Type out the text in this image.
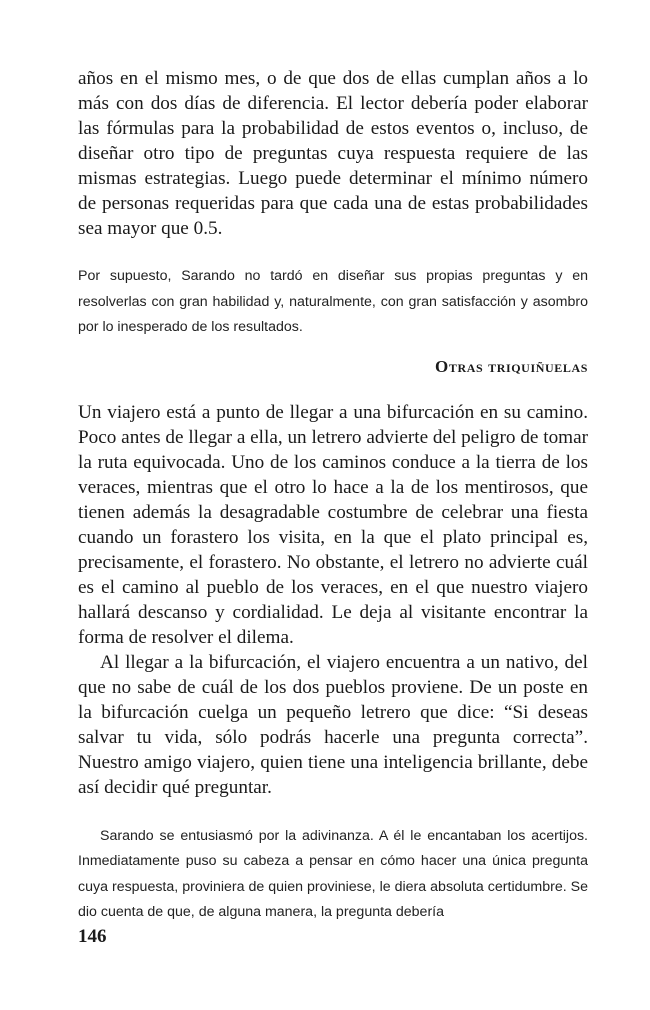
años en el mismo mes, o de que dos de ellas cumplan años a lo más con dos días de diferencia. El lector debería poder elaborar las fórmulas para la probabilidad de estos eventos o, incluso, de diseñar otro tipo de preguntas cuya respuesta requiere de las mismas estrategias. Luego puede determinar el mínimo número de personas requeridas para que cada una de estas probabilidades sea mayor que 0.5.

Por supuesto, Sarando no tardó en diseñar sus propias preguntas y en resolverlas con gran habilidad y, naturalmente, con gran satisfacción y asombro por lo inesperado de los resultados.

Otras triquiñuelas

Un viajero está a punto de llegar a una bifurcación en su camino. Poco antes de llegar a ella, un letrero advierte del peligro de tomar la ruta equivocada. Uno de los caminos conduce a la tierra de los veraces, mientras que el otro lo hace a la de los mentirosos, que tienen además la desagradable costumbre de celebrar una fiesta cuando un forastero los visita, en la que el plato principal es, precisamente, el forastero. No obstante, el letrero no advierte cuál es el camino al pueblo de los veraces, en el que nuestro viajero hallará descanso y cordialidad. Le deja al visitante encontrar la forma de resolver el dilema.

Al llegar a la bifurcación, el viajero encuentra a un nativo, del que no sabe de cuál de los dos pueblos proviene. De un poste en la bifurcación cuelga un pequeño letrero que dice: “Si deseas salvar tu vida, sólo podrás hacerle una pregunta correcta”. Nuestro amigo viajero, quien tiene una inteligencia brillante, debe así decidir qué preguntar.

Sarando se entusiasmó por la adivinanza. A él le encantaban los acertijos. Inmediatamente puso su cabeza a pensar en cómo hacer una única pregunta cuya respuesta, proviniera de quien proviniese, le diera absoluta certidumbre. Se dio cuenta de que, de alguna manera, la pregunta debería

146
